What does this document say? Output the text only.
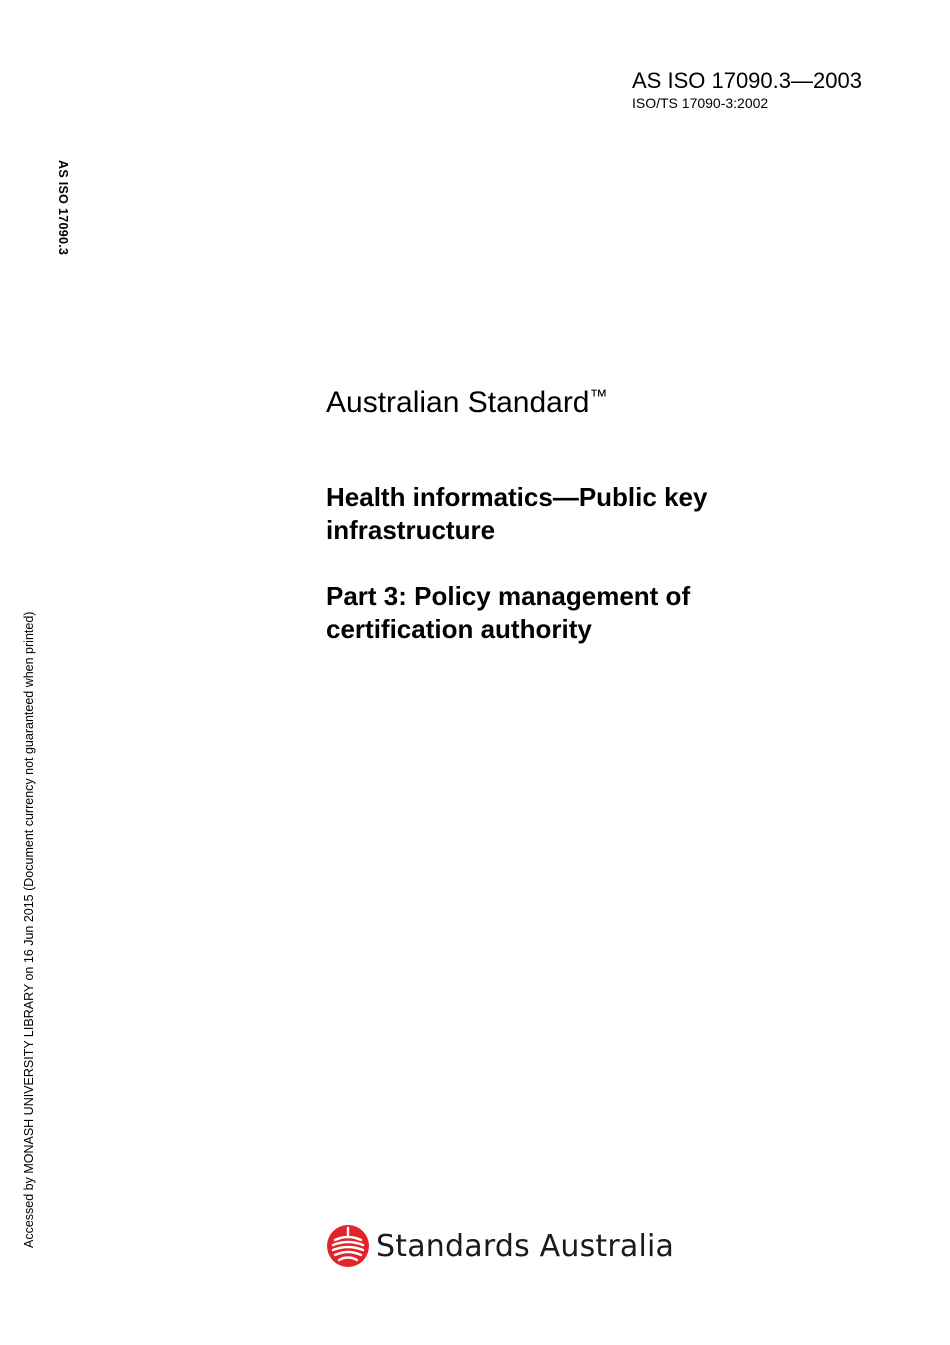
AS ISO 17090.3—2003
ISO/TS 17090-3:2002
AS ISO 17090.3
Accessed by MONASH UNIVERSITY LIBRARY on 16 Jun 2015 (Document currency not guaranteed when printed)
Australian Standard™
Health informatics—Public key infrastructure
Part 3: Policy management of certification authority
Standards Australia
